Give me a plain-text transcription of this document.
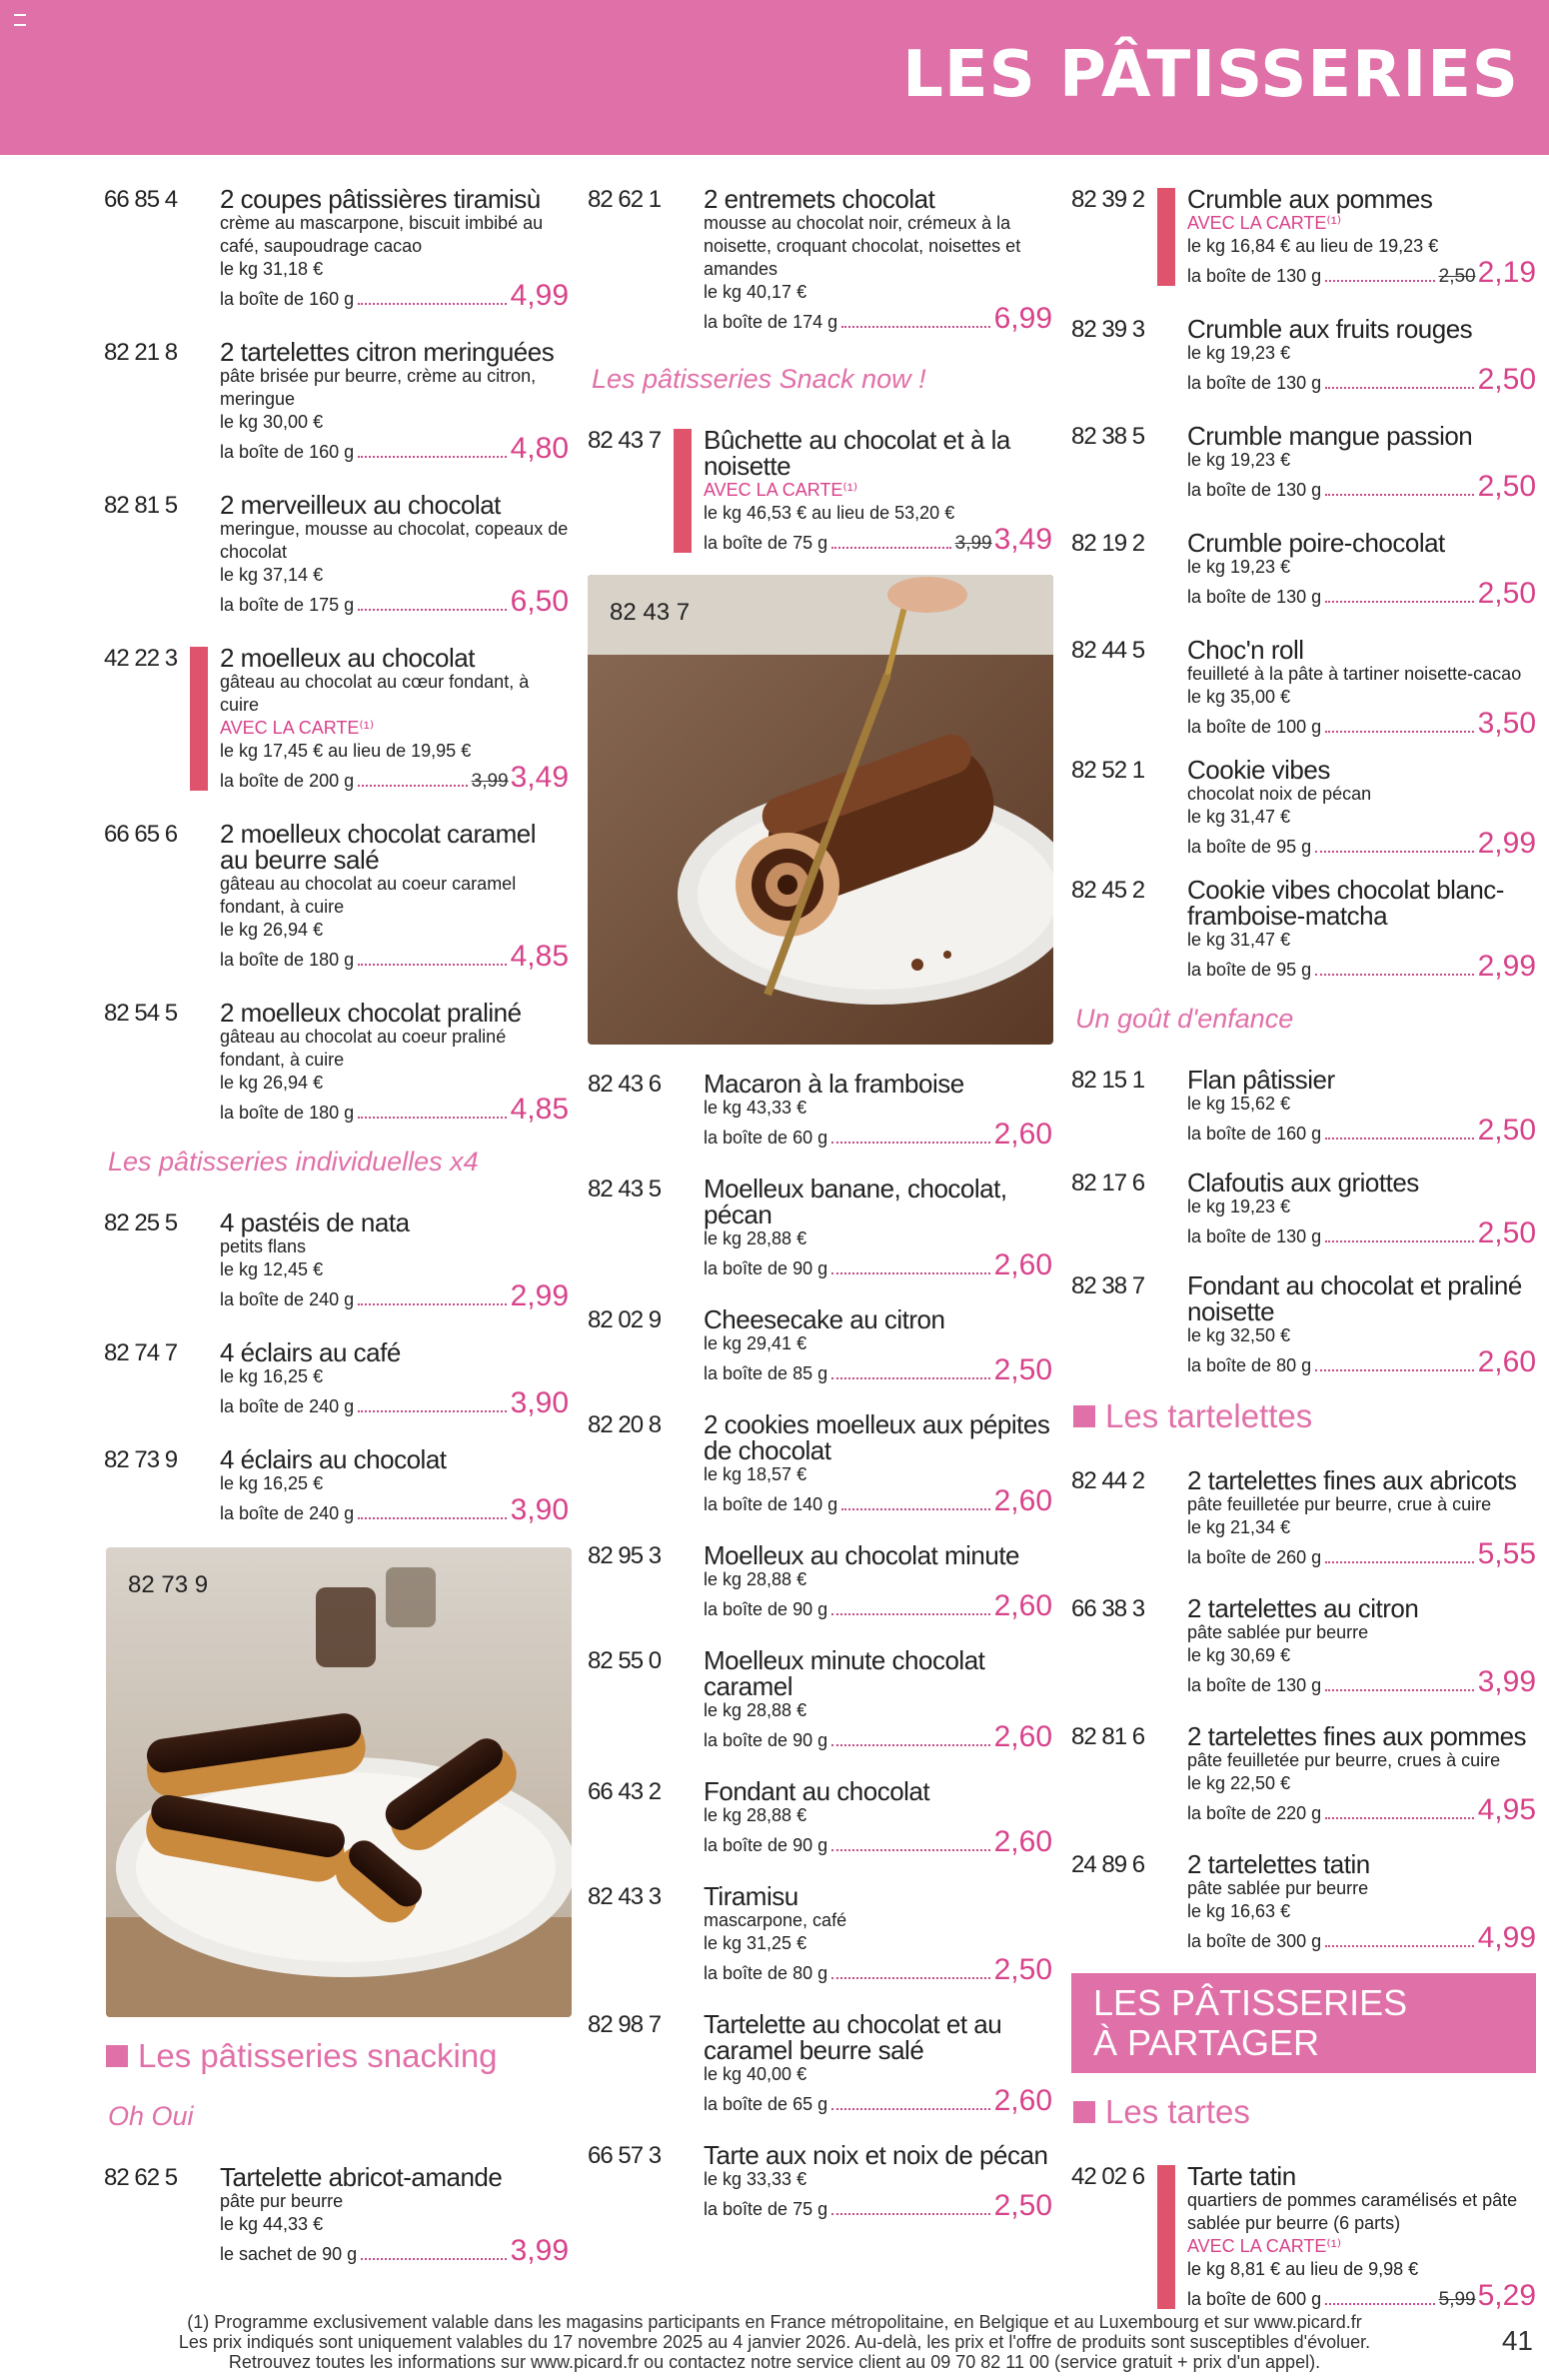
LES PÂTISSERIES
66 85 4	2 coupes pâtissières tiramisù
crème au mascarpone, biscuit imbibé au café, saupoudrage cacao
le kg 31,18 €
la boîte de 160 g	4,99
82 21 8	2 tartelettes citron meringuées
pâte brisée pur beurre, crème au citron, meringue
le kg 30,00 €
la boîte de 160 g	4,80
82 81 5	2 merveilleux au chocolat
meringue, mousse au chocolat, copeaux de chocolat
le kg 37,14 €
la boîte de 175 g	6,50
42 22 3	2 moelleux au chocolat
gâteau au chocolat au cœur fondant, à cuire
AVEC LA CARTE⁽¹⁾
le kg 17,45 € au lieu de 19,95 €
la boîte de 200 g	3,99 3,49
66 65 6	2 moelleux chocolat caramel au beurre salé
gâteau au chocolat au coeur caramel fondant, à cuire
le kg 26,94 €
la boîte de 180 g	4,85
82 54 5	2 moelleux chocolat praliné
gâteau au chocolat au coeur praliné fondant, à cuire
le kg 26,94 €
la boîte de 180 g	4,85
Les pâtisseries individuelles x4
82 25 5	4 pastéis de nata
petits flans
le kg 12,45 €
la boîte de 240 g	2,99
82 74 7	4 éclairs au café
le kg 16,25 €
la boîte de 240 g	3,90
82 73 9	4 éclairs au chocolat
le kg 16,25 €
la boîte de 240 g	3,90
82 73 9
Les pâtisseries snacking
Oh Oui
82 62 5	Tartelette abricot-amande
pâte pur beurre
le kg 44,33 €
le sachet de 90 g	3,99
82 62 1	2 entremets chocolat
mousse au chocolat noir, crémeux à la noisette, croquant chocolat, noisettes et amandes
le kg 40,17 €
la boîte de 174 g	6,99
Les pâtisseries Snack now !
82 43 7	Bûchette au chocolat et à la noisette
AVEC LA CARTE⁽¹⁾
le kg 46,53 € au lieu de 53,20 €
la boîte de 75 g	3,99 3,49
82 43 7
82 43 6	Macaron à la framboise
le kg 43,33 €
la boîte de 60 g	2,60
82 43 5	Moelleux banane, chocolat, pécan
le kg 28,88 €
la boîte de 90 g	2,60
82 02 9	Cheesecake au citron
le kg 29,41 €
la boîte de 85 g	2,50
82 20 8	2 cookies moelleux aux pépites de chocolat
le kg 18,57 €
la boîte de 140 g	2,60
82 95 3	Moelleux au chocolat minute
le kg 28,88 €
la boîte de 90 g	2,60
82 55 0	Moelleux minute chocolat caramel
le kg 28,88 €
la boîte de 90 g	2,60
66 43 2	Fondant au chocolat
le kg 28,88 €
la boîte de 90 g	2,60
82 43 3	Tiramisu
mascarpone, café
le kg 31,25 €
la boîte de 80 g	2,50
82 98 7	Tartelette au chocolat et au caramel beurre salé
le kg 40,00 €
la boîte de 65 g	2,60
66 57 3	Tarte aux noix et noix de pécan
le kg 33,33 €
la boîte de 75 g	2,50
82 39 2	Crumble aux pommes
AVEC LA CARTE⁽¹⁾
le kg 16,84 € au lieu de 19,23 €
la boîte de 130 g	2,50 2,19
82 39 3	Crumble aux fruits rouges
le kg 19,23 €
la boîte de 130 g	2,50
82 38 5	Crumble mangue passion
le kg 19,23 €
la boîte de 130 g	2,50
82 19 2	Crumble poire-chocolat
le kg 19,23 €
la boîte de 130 g	2,50
82 44 5	Choc'n roll
feuilleté à la pâte à tartiner noisette-cacao
le kg 35,00 €
la boîte de 100 g	3,50
82 52 1	Cookie vibes
chocolat noix de pécan
le kg 31,47 €
la boîte de 95 g	2,99
82 45 2	Cookie vibes chocolat blanc-framboise-matcha
le kg 31,47 €
la boîte de 95 g	2,99
Un goût d'enfance
82 15 1	Flan pâtissier
le kg 15,62 €
la boîte de 160 g	2,50
82 17 6	Clafoutis aux griottes
le kg 19,23 €
la boîte de 130 g	2,50
82 38 7	Fondant au chocolat et praliné noisette
le kg 32,50 €
la boîte de 80 g	2,60
Les tartelettes
82 44 2	2 tartelettes fines aux abricots
pâte feuilletée pur beurre, crue à cuire
le kg 21,34 €
la boîte de 260 g	5,55
66 38 3	2 tartelettes au citron
pâte sablée pur beurre
le kg 30,69 €
la boîte de 130 g	3,99
82 81 6	2 tartelettes fines aux pommes
pâte feuilletée pur beurre, crues à cuire
le kg 22,50 €
la boîte de 220 g	4,95
24 89 6	2 tartelettes tatin
pâte sablée pur beurre
le kg 16,63 €
la boîte de 300 g	4,99
LES PÂTISSERIES
À PARTAGER
Les tartes
42 02 6	Tarte tatin
quartiers de pommes caramélisés et pâte sablée pur beurre (6 parts)
AVEC LA CARTE⁽¹⁾
le kg 8,81 € au lieu de 9,98 €
la boîte de 600 g	5,99 5,29
(1) Programme exclusivement valable dans les magasins participants en France métropolitaine, en Belgique et au Luxembourg et sur www.picard.fr
Les prix indiqués sont uniquement valables du 17 novembre 2025 au 4 janvier 2026. Au-delà, les prix et l'offre de produits sont susceptibles d'évoluer.
Retrouvez toutes les informations sur www.picard.fr ou contactez notre service client au 09 70 82 11 00 (service gratuit + prix d'un appel).
41
